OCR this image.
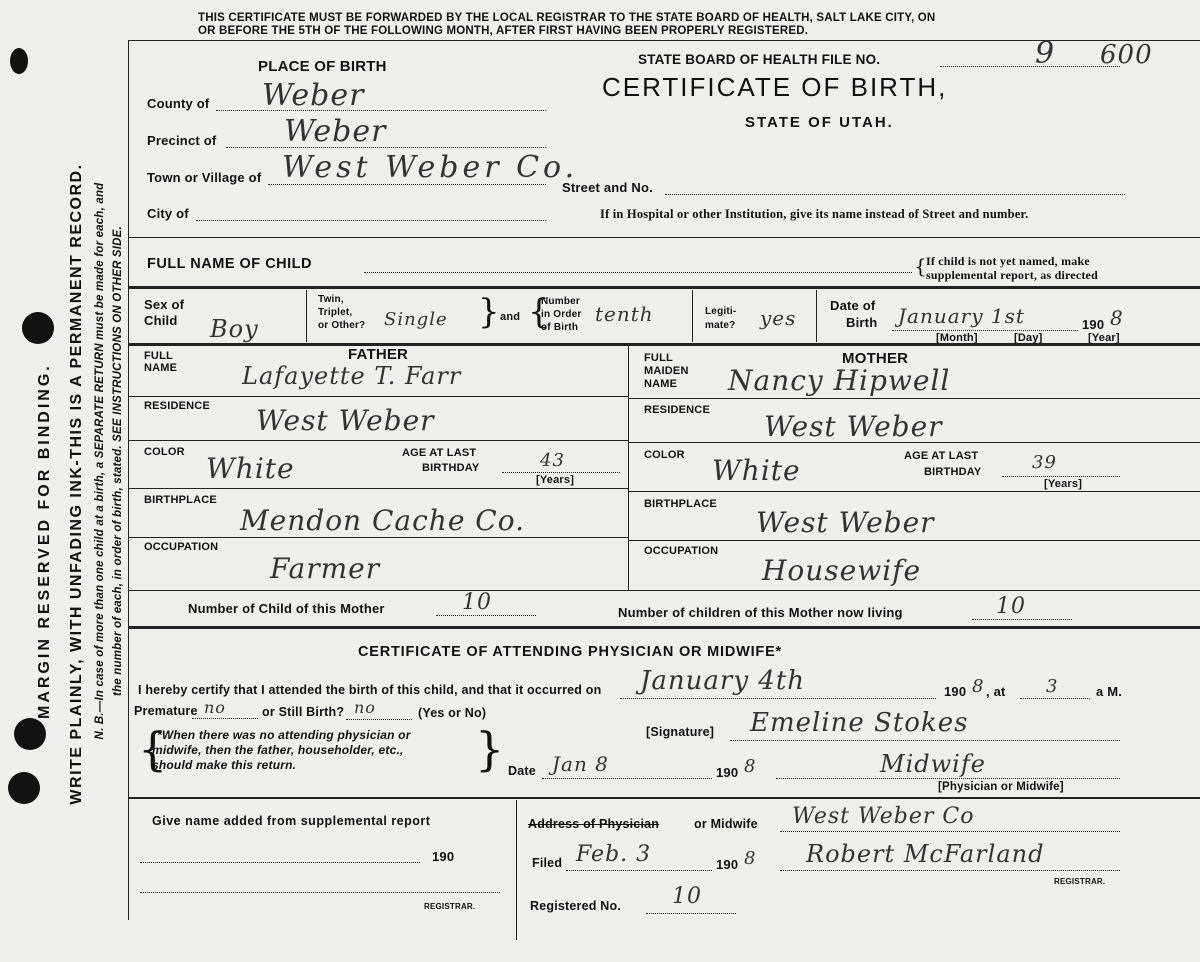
MARGIN RESERVED FOR BINDING. WRITE PLAINLY, WITH UNFADING INK-THIS IS A PERMANENT RECORD. N. B.—In case of more than one child at a birth, a SEPARATE RETURN must be made for each, and the number of each, in order of birth, stated. SEE INSTRUCTIONS ON OTHER SIDE.
THIS CERTIFICATE MUST BE FORWARDED BY THE LOCAL REGISTRAR TO THE STATE BOARD OF HEALTH, SALT LAKE CITY, ON
OR BEFORE THE 5TH OF THE FOLLOWING MONTH, AFTER FIRST HAVING BEEN PROPERLY REGISTERED.
PLACE OF BIRTH	STATE BOARD OF HEALTH FILE NO.	9 600
CERTIFICATE OF BIRTH,
STATE OF UTAH.
County of Weber
Precinct of Weber
Town or Village of West Weber Co.
Street and No.
City of	If in Hospital or other Institution, give its name instead of Street and number.
FULL NAME OF CHILD	{ If child is not yet named, make
supplemental report, as directed
Sex of
Child Boy
Twin,
Triplet,
or Other? Single } and {
Number
in Order
of Birth
tenth	Legiti-
mate? yes
Date of
Birth January 1st	190 8
[Month]	[Day]	[Year]
FATHER
FULL
NAME	Lafayette T. Farr
RESIDENCE West Weber
COLOR White	AGE AT LAST
BIRTHDAY	43
[Years]
BIRTHPLACE
Mendon Cache Co.
OCCUPATION
Farmer
MOTHER
FULL
MAIDEN
NAME Nancy Hipwell
RESIDENCE West Weber
COLOR White	AGE AT LAST
BIRTHDAY	39
[Years]
BIRTHPLACE
West Weber
OCCUPATION
Housewife
Number of Child of this Mother	10	Number of children of this Mother now living	10
CERTIFICATE OF ATTENDING PHYSICIAN OR MIDWIFE*
I hereby certify that I attended the birth of this child, and that it occurred on January 4th	190 8 , at 3	a M.
Premature no	or Still Birth? no	(Yes or No)
{
*When there was no attending physician or
midwife, then the father, householder, etc.,
should make this return.	}	[Signature] Emeline Stokes
Date Jan 8	190 8	Midwife
[Physician or Midwife]
Give name added from supplemental report
190
REGISTRAR.
Address of Physician	or Midwife West Weber Co
Filed Feb. 3	190 8 Robert McFarland
REGISTRAR.
Registered No. 10
